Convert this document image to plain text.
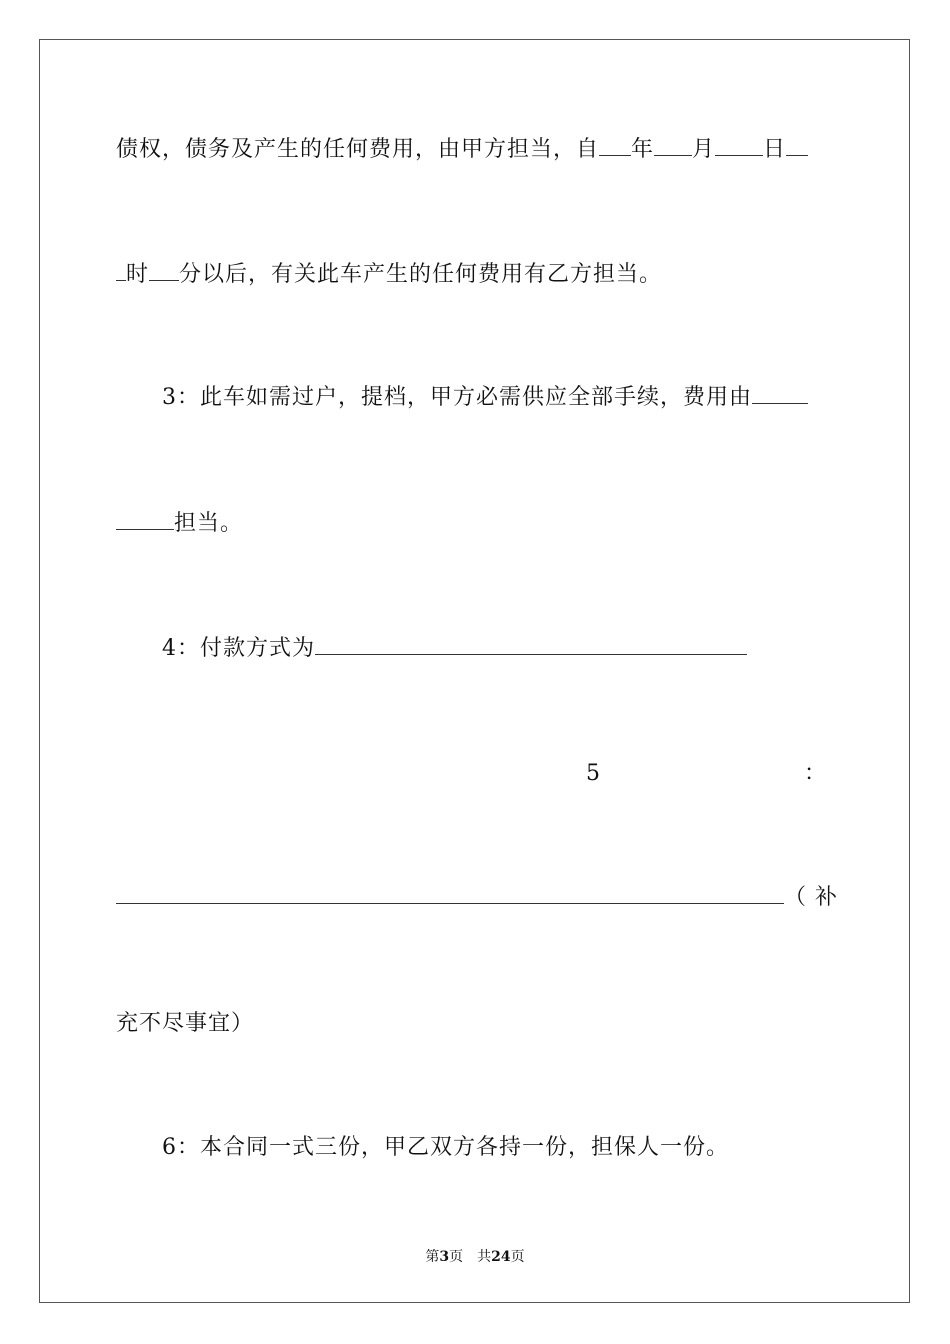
债权，债务及产生的任何费用，由甲方担当，自 年 月 日
时 分以后，有关此车产生的任何费用有乙方担当。
3：此车如需过户，提档，甲方必需供应全部手续，费用由
担当。
4：付款方式为
5	：
（ 补
充不尽事宜）
6：本合同一式三份，甲乙双方各持一份，担保人一份。
第3页　共24页
